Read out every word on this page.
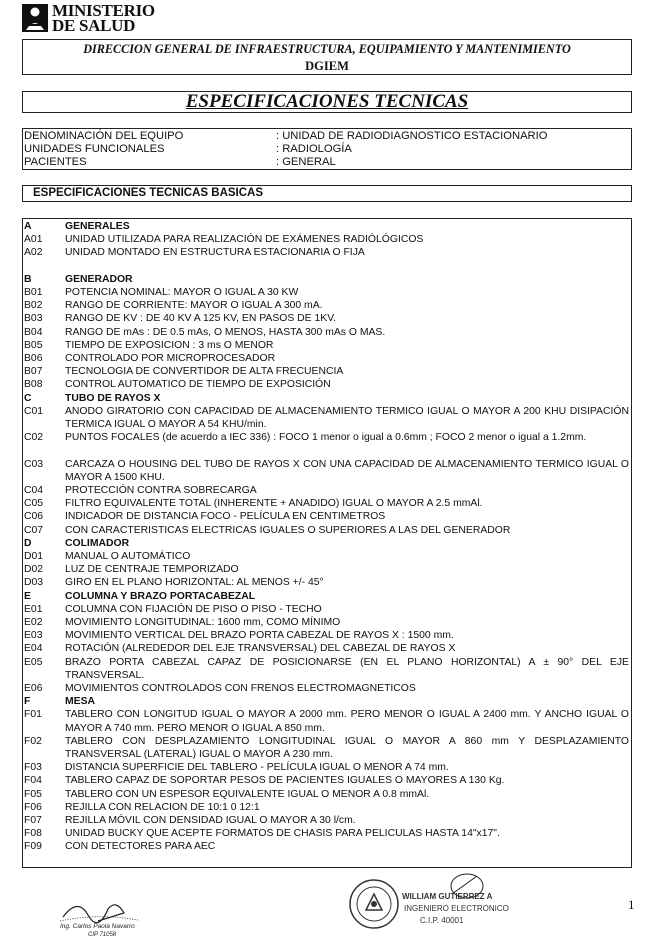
MINISTERIO
DE SALUD
DIRECCION GENERAL DE INFRAESTRUCTURA, EQUIPAMIENTO Y MANTENIMIENTO
DGIEM
ESPECIFICACIONES TECNICAS
DENOMINACIÓN DEL EQUIPO	: UNIDAD DE RADIODIAGNOSTICO ESTACIONARIO
UNIDADES FUNCIONALES	: RADIOLOGÍA
PACIENTES	: GENERAL
ESPECIFICACIONES TECNICAS BASICAS
A	GENERALES
A01 UNIDAD UTILIZADA PARA REALIZACIÓN DE EXÁMENES RADIÓLÓGICOS
A02 UNIDAD MONTADO EN ESTRUCTURA ESTACIONARIA O FIJA
B	GENERADOR
B01 POTENCIA NOMINAL: MAYOR O IGUAL A 30 KW
B02 RANGO DE CORRIENTE: MAYOR O IGUAL A 300 mA.
B03 RANGO DE KV : DE 40 KV A 125 KV, EN PASOS DE 1KV.
B04 RANGO DE mAs : DE 0.5 mAs, O MENOS, HASTA 300 mAs O MAS.
B05 TIEMPO DE EXPOSICION : 3 ms O MENOR
B06 CONTROLADO POR MICROPROCESADOR
B07 TECNOLOGIA DE CONVERTIDOR DE ALTA FRECUENCIA
B08 CONTROL AUTOMATICO DE TIEMPO DE EXPOSICIÓN
C	TUBO DE RAYOS X
C01 ANODO GIRATORIO CON CAPACIDAD DE ALMACENAMIENTO TERMICO IGUAL O MAYOR A 200 KHU DISIPACIÓN TERMICA IGUAL O MAYOR A 54 KHU/min.
C02 PUNTOS FOCALES (de acuerdo a IEC 336) : FOCO 1 menor o igual a 0.6mm ; FOCO 2 menor o igual a 1.2mm.
C03 CARCAZA O HOUSING DEL TUBO DE RAYOS X CON UNA CAPACIDAD DE ALMACENAMIENTO TERMICO IGUAL O MAYOR A 1500 KHU.
C04 PROTECCIÓN CONTRA SOBRECARGA
C05 FILTRO EQUIVALENTE TOTAL (INHERENTE + ANADIDO) IGUAL O MAYOR A 2.5 mmAl.
C06 INDICADOR DE DISTANCIA FOCO - PELÍCULA EN CENTIMETROS
C07 CON CARACTERISTICAS ELECTRICAS IGUALES O SUPERIORES A LAS DEL GENERADOR
D	COLIMADOR
D01 MANUAL O AUTOMÁTICO
D02 LUZ DE CENTRAJE TEMPORIZADO
D03 GIRO EN EL PLANO HORIZONTAL: AL MENOS +/- 45°
E	COLUMNA Y BRAZO PORTACABEZAL
E01 COLUMNA CON FIJACIÓN DE PISO O PISO - TECHO
E02 MOVIMIENTO LONGITUDINAL: 1600 mm, COMO MÍNIMO
E03 MOVIMIENTO VERTICAL DEL BRAZO PORTA CABEZAL DE RAYOS X : 1500 mm.
E04 ROTACIÓN (ALREDEDOR DEL EJE TRANSVERSAL) DEL CABEZAL DE RAYOS X
E05 BRAZO PORTA CABEZAL CAPAZ DE POSICIONARSE (EN EL PLANO HORIZONTAL) A ± 90° DEL EJE TRANSVERSAL.
E06 MOVIMIENTOS CONTROLADOS CON FRENOS ELECTROMAGNETICOS
F	MESA
F01 TABLERO CON LONGITUD IGUAL O MAYOR A 2000 mm. PERO MENOR O IGUAL A 2400 mm. Y ANCHO IGUAL O MAYOR A 740 mm. PERO MENOR O IGUAL A 850 mm.
F02 TABLERO CON DESPLAZAMIENTO LONGITUDINAL IGUAL O MAYOR A 860 mm Y DESPLAZAMIENTO TRANSVERSAL (LATERAL) IGUAL O MAYOR A 230 mm.
F03 DISTANCIA SUPERFICIE DEL TABLERO - PELÍCULA IGUAL O MENOR A 74 mm.
F04 TABLERO CAPAZ DE SOPORTAR PESOS DE PACIENTES IGUALES O MAYORES A 130 Kg.
F05 TABLERO CON UN ESPESOR EQUIVALENTE IGUAL O MENOR A 0.8 mmAl.
F06 REJILLA CON RELACION DE 10:1 0 12:1
F07 REJILLA MÓVIL CON DENSIDAD IGUAL O MAYOR A 30 l/cm.
F08 UNIDAD BUCKY QUE ACEPTE FORMATOS DE CHASIS PARA PELICULAS HASTA 14"x17".
F09 CON DETECTORES PARA AEC
1
Ing. Carlos Paola Navarro
CIP 71058
WILLIAM GUTIERREZ A
INGENIERO ELECTRONICO
C.I.P. 40001
